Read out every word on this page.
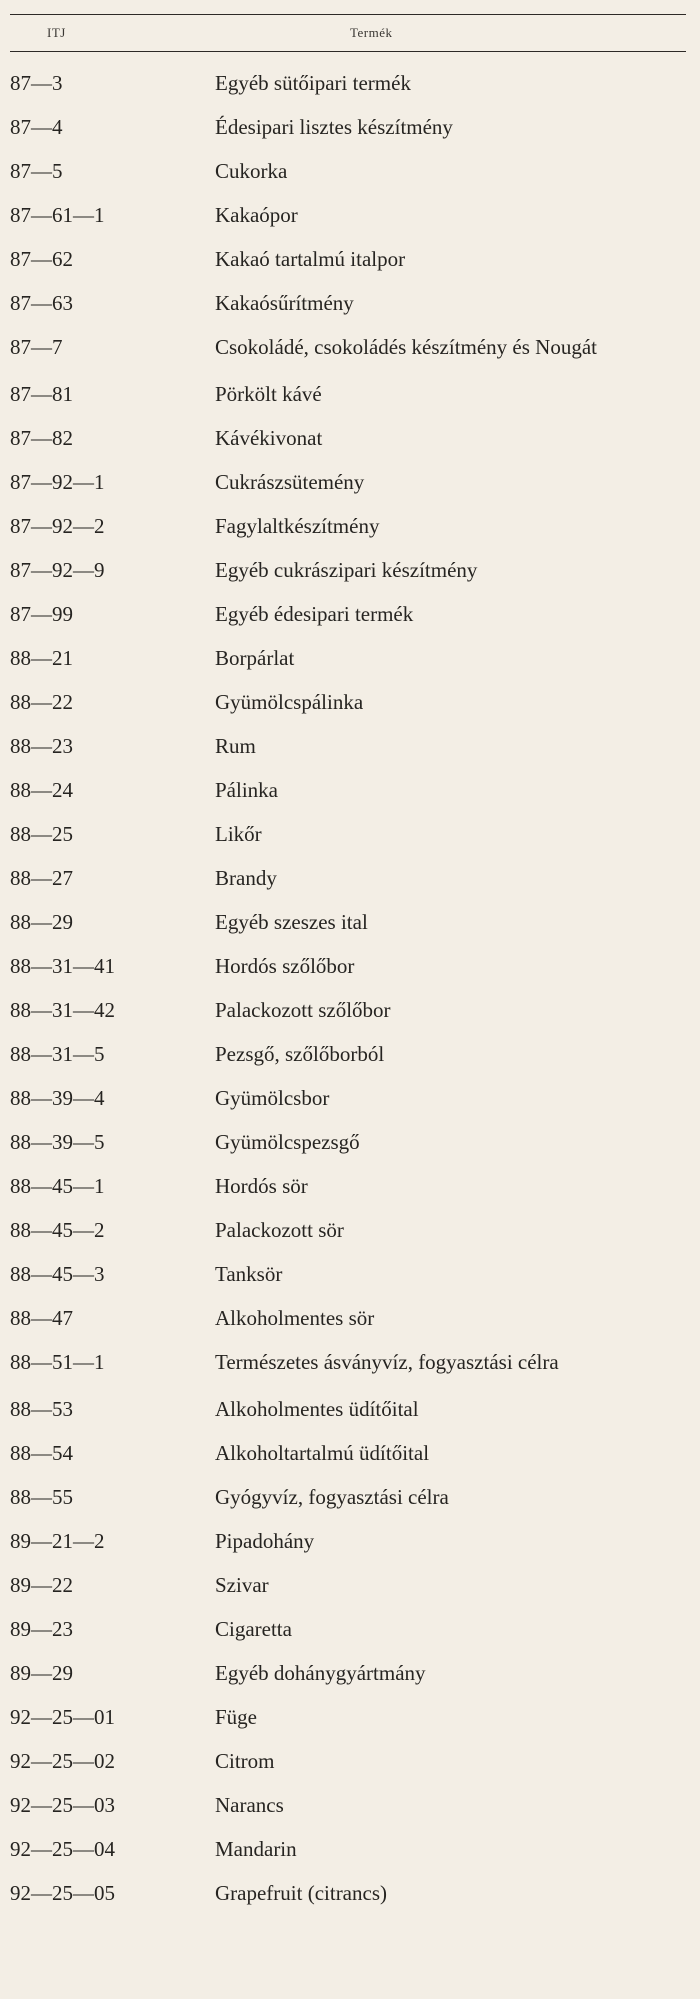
ITJ	Termék
87—3	Egyéb sütőipari termék
87—4	Édesipari lisztes készítmény
87—5	Cukorka
87—61—1	Kakaópor
87—62	Kakaó tartalmú italpor
87—63	Kakaósűrítmény
87—7	Csokoládé, csokoládés készítmény és Nougát
87—81	Pörkölt kávé
87—82	Kávékivonat
87—92—1	Cukrászsütemény
87—92—2	Fagylaltkészítmény
87—92—9	Egyéb cukrászipari készítmény
87—99	Egyéb édesipari termék
88—21	Borpárlat
88—22	Gyümölcspálinka
88—23	Rum
88—24	Pálinka
88—25	Likőr
88—27	Brandy
88—29	Egyéb szeszes ital
88—31—41	Hordós szőlőbor
88—31—42	Palackozott szőlőbor
88—31—5	Pezsgő, szőlőborból
88—39—4	Gyümölcsbor
88—39—5	Gyümölcspezsgő
88—45—1	Hordós sör
88—45—2	Palackozott sör
88—45—3	Tanksör
88—47	Alkoholmentes sör
88—51—1	Természetes ásványvíz, fogyasztási célra
88—53	Alkoholmentes üdítőital
88—54	Alkoholtartalmú üdítőital
88—55	Gyógyvíz, fogyasztási célra
89—21—2	Pipadohány
89—22	Szivar
89—23	Cigaretta
89—29	Egyéb dohánygyártmány
92—25—01	Füge
92—25—02	Citrom
92—25—03	Narancs
92—25—04	Mandarin
92—25—05	Grapefruit (citrancs)
